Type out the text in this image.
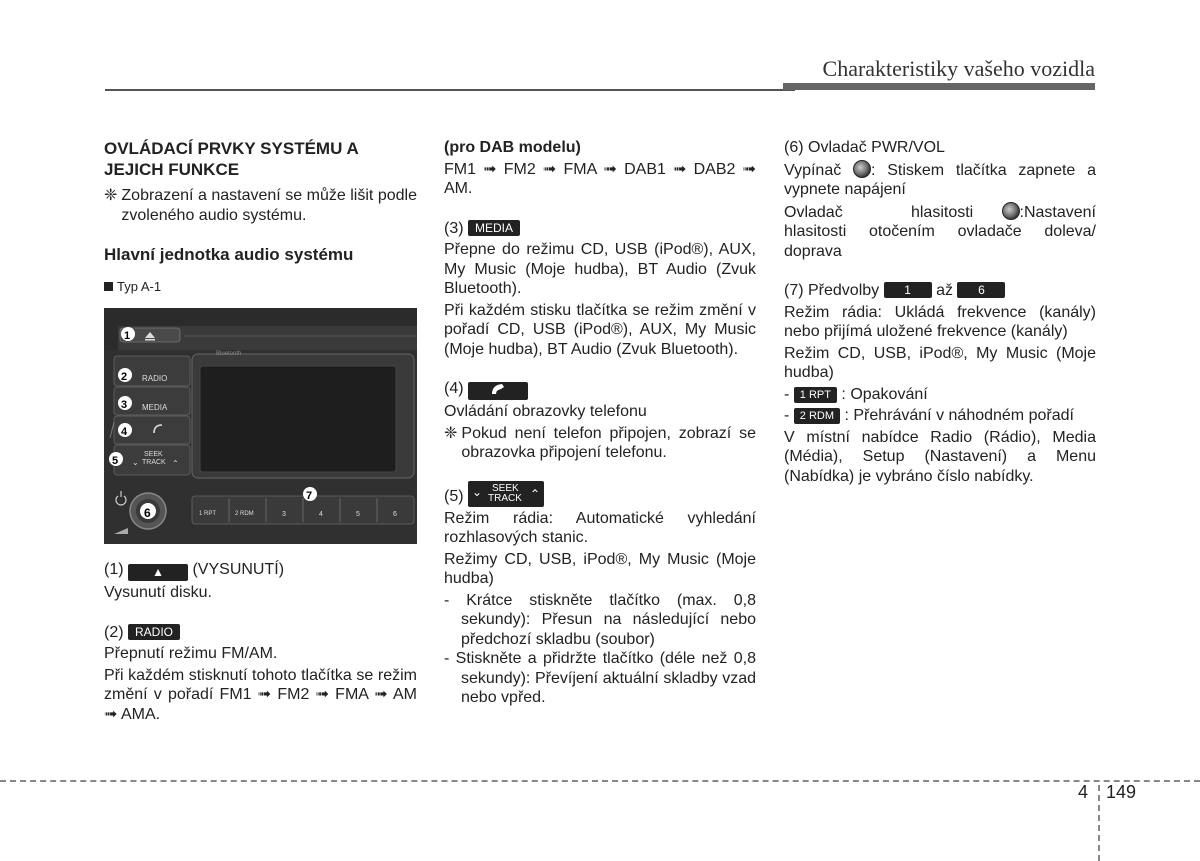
Charakteristiky vašeho vozidla
OVLÁDACÍ PRVKY SYSTÉMU A JEJICH FUNKCE
❈ Zobrazení a nastavení se může lišit podle zvoleného audio systému.
Hlavní jednotka audio systému
Typ A-1
Bluetooth
RADIO
MEDIA
SEEK
TRACK
⌄	⌃
1 RPT	2 RDM	3	4	5	6
1
2
3
4
5
6
7
(1) ▲ (VYSUNUTÍ)
Vysunutí disku.
(2) RADIO
Přepnutí režimu FM/AM.
Při každém stisknutí tohoto tlačítka se režim změní v pořadí FM1 ➟ FM2 ➟ FMA ➟ AM ➟ AMA.
(pro DAB modelu)
FM1 ➟ FM2 ➟ FMA ➟ DAB1 ➟ DAB2 ➟ AM.
(3) MEDIA
Přepne do režimu CD, USB (iPod®), AUX, My Music (Moje hudba), BT Audio (Zvuk Bluetooth).
Při každém stisku tlačítka se režim změní v pořadí CD, USB (iPod®), AUX, My Music (Moje hudba), BT Audio (Zvuk Bluetooth).
(4)
Ovládání obrazovky telefonu
❈ Pokud není telefon připojen, zobrazí se obrazovka připojení telefonu.
(5) ⌄ SEEK
TRACK ⌃
Režim rádia: Automatické vyhledání rozhlasových stanic.
Režimy CD, USB, iPod®, My Music (Moje hudba)
- Krátce stiskněte tlačítko (max. 0,8 sekundy): Přesun na následující nebo předchozí skladbu (soubor)
- Stiskněte a přidržte tlačítko (déle než 0,8 sekundy): Převíjení aktuální skladby vzad nebo vpřed.
(6) Ovladač PWR/VOL
Vypínač : Stiskem tlačítka zapnete a vypnete napájení
Ovladač hlasitosti	:Nastavení hlasitosti otočením ovladače doleva/ doprava
(7) Předvolby 1 až 6
Režim rádia: Ukládá frekvence (kanály) nebo přijímá uložené frekvence (kanály)
Režim CD, USB, iPod®, My Music (Moje hudba)
- 1 RPT : Opakování
- 2 RDM : Přehrávání v náhodném pořadí
V místní nabídce Radio (Rádio), Media (Média), Setup (Nastavení) a Menu (Nabídka) je vybráno číslo nabídky.
4 149
